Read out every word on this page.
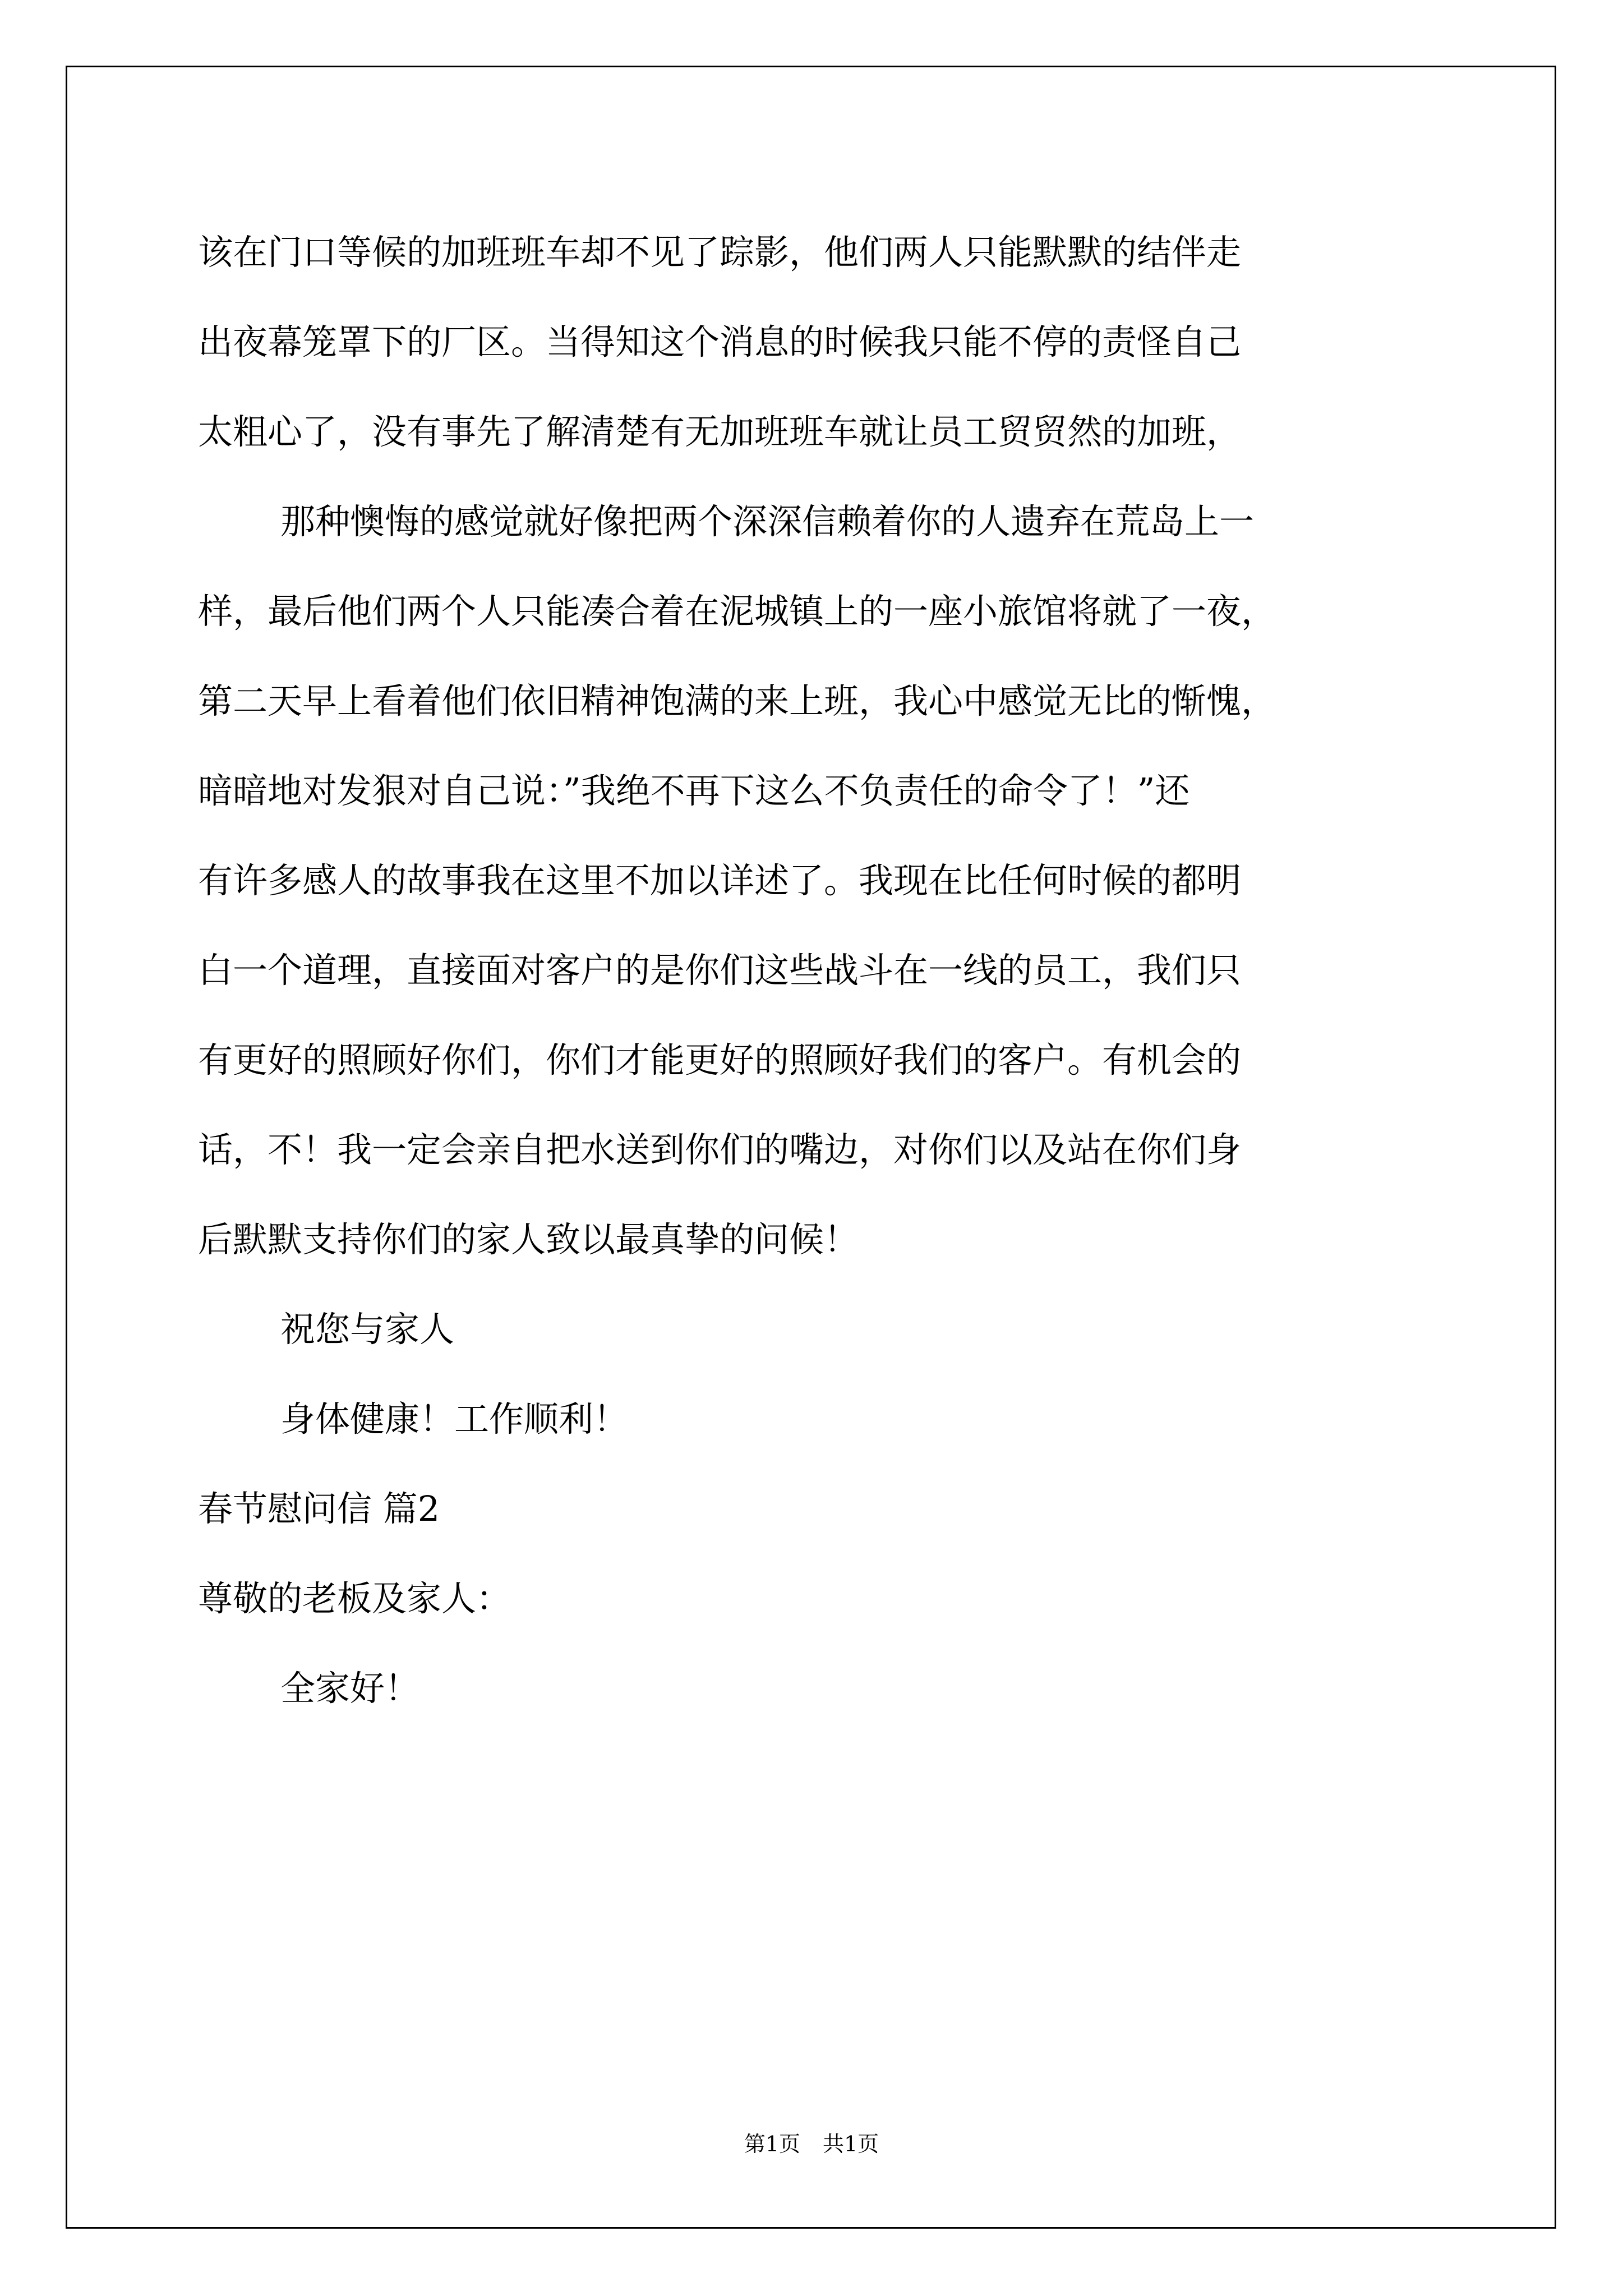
该在门口等候的加班班车却不见了踪影，他们两人只能默默的结伴走
出夜幕笼罩下的厂区。当得知这个消息的时候我只能不停的责怪自己
太粗心了，没有事先了解清楚有无加班班车就让员工贸贸然的加班，
那种懊悔的感觉就好像把两个深深信赖着你的人遗弃在荒岛上一
样，最后他们两个人只能凑合着在泥城镇上的一座小旅馆将就了一夜，
第二天早上看着他们依旧精神饱满的来上班，我心中感觉无比的惭愧，
暗暗地对发狠对自己说：”我绝不再下这么不负责任的命令了！”还
有许多感人的故事我在这里不加以详述了。我现在比任何时候的都明
白一个道理，直接面对客户的是你们这些战斗在一线的员工，我们只
有更好的照顾好你们，你们才能更好的照顾好我们的客户。有机会的
话，不！我一定会亲自把水送到你们的嘴边，对你们以及站在你们身
后默默支持你们的家人致以最真挚的问候！
祝您与家人
身体健康！工作顺利！
春节慰问信 篇2
尊敬的老板及家人：
全家好！
第1页 共1页
